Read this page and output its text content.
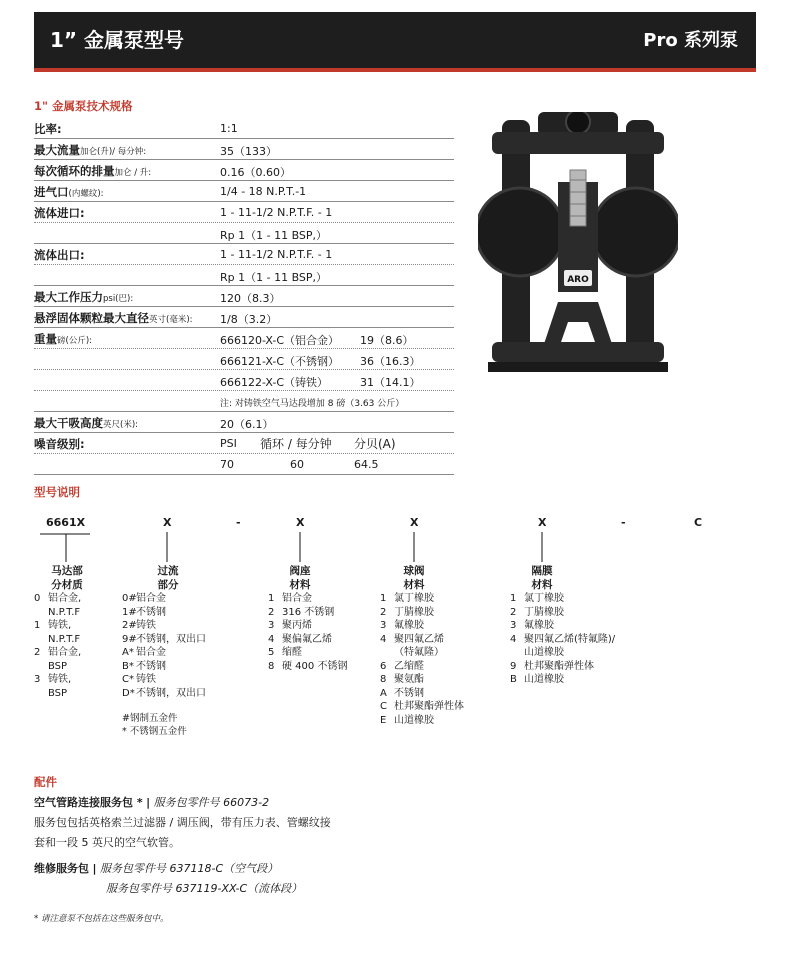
1” 金属泵型号	Pro 系列泵
1" 金属泵技术规格
比率:	1:1
最大流量加仑(升)/ 每分钟:	35（133）
每次循环的排量加仑 / 升:	0.16（0.60）
进气口(内螺纹):	1/4 - 18 N.P.T.-1
流体进口:	1 - 11-1/2 N.P.T.F. - 1
Rp 1（1 - 11 BSP,）
流体出口:	1 - 11-1/2 N.P.T.F. - 1
Rp 1（1 - 11 BSP,）
最大工作压力psi(巴):	120（8.3）
悬浮固体颗粒最大直径英寸(毫米):	1/8（3.2）
重量磅(公斤):	666120-X-C（铝合金） 19（8.6）
666121-X-C（不锈钢） 36（16.3）
666122-X-C（铸铁）	31（14.1）
注: 对铸铁空气马达段增加 8 磅（3.63 公斤）
最大干吸高度英尺(米):	20（6.1）
噪音级别:	PSI 循环 / 每分钟 分贝(A)
70	60	64.5
ARO
型号说明
6661X	X	-	X	X	X	-	C
马达部
分材质
过流
部分
阀座
材料
球阀
材料
隔膜
材料
0 铝合金,
N.P.T.F
1 铸铁,
N.P.T.F
2 铝合金,
BSP
3 铸铁,
BSP
0#铝合金
1#不锈钢
2#铸铁
9#不锈钢，双出口
A* 铝合金
B* 不锈钢
C* 铸铁
D*不锈钢，双出口
1 铝合金
2 316 不锈钢
3 聚丙烯
4 聚偏氟乙烯
5 缩醛
8 硬 400 不锈钢
1 氯丁橡胶
2 丁腈橡胶
3 氟橡胶
4 聚四氟乙烯
（特氟隆）
6 乙缩醛
8 聚氨酯
A 不锈钢
C 杜邦聚酯弹性体
E 山道橡胶
1 氯丁橡胶
2 丁腈橡胶
3 氟橡胶
4 聚四氟乙烯(特氟隆)/
山道橡胶
9 杜邦聚酯弹性体
B 山道橡胶
#钢制五金件
* 不锈钢五金件
配件
空气管路连接服务包 * | 服务包零件号 66073-2
服务包包括英格索兰过滤器 / 调压阀，带有压力表、管螺纹接
套和一段 5 英尺的空气软管。
维修服务包 | 服务包零件号 637118-C（空气段）
服务包零件号 637119-XX-C（流体段）
* 请注意泵不包括在这些服务包中。
